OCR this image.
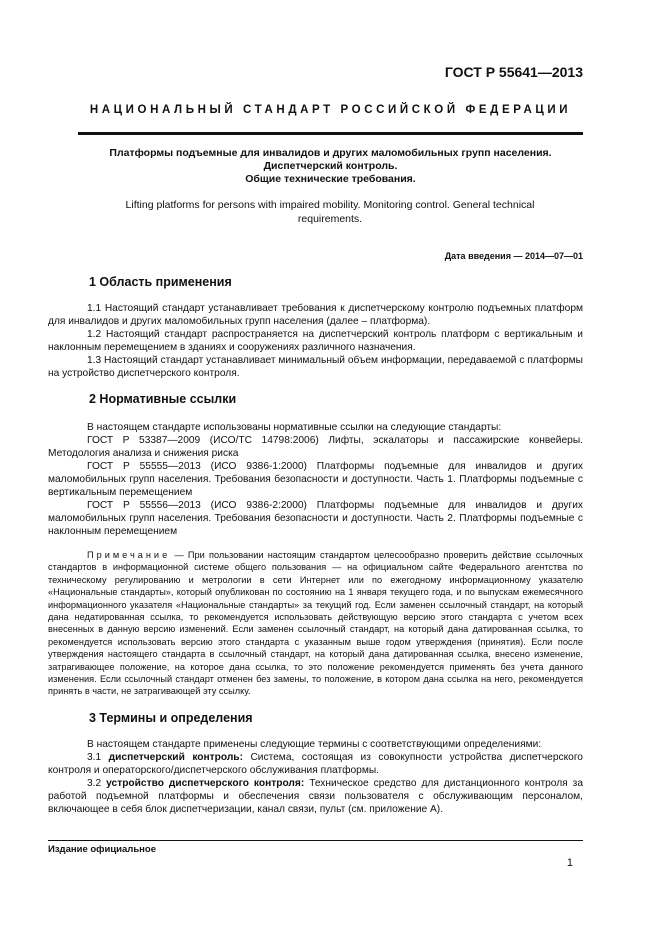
ГОСТ Р 55641—2013
НАЦИОНАЛЬНЫЙ СТАНДАРТ РОССИЙСКОЙ ФЕДЕРАЦИИ
Платформы подъемные для инвалидов и других маломобильных групп населения.
Диспетчерский контроль.
Общие технические требования.
Lifting platforms for persons with impaired mobility. Monitoring control. General technical requirements.
Дата введения — 2014—07—01
1 Область применения

1.1 Настоящий стандарт устанавливает требования к диспетчерскому контролю подъемных платформ для инвалидов и других маломобильных групп населения (далее – платформа).

1.2 Настоящий стандарт распространяется на диспетчерский контроль платформ с вертикальным и наклонным перемещением в зданиях и сооружениях различного назначения.

1.3 Настоящий стандарт устанавливает минимальный объем информации, передаваемой с платформы на устройство диспетчерского контроля.

2 Нормативные ссылки

В настоящем стандарте использованы нормативные ссылки на следующие стандарты:

ГОСТ Р 53387—2009 (ИСО/ТС 14798:2006) Лифты, эскалаторы и пассажирские конвейеры. Методология анализа и снижения риска

ГОСТ Р 55555—2013 (ИСО 9386-1:2000) Платформы подъемные для инвалидов и других маломобильных групп населения. Требования безопасности и доступности. Часть 1. Платформы подъемные с вертикальным перемещением

ГОСТ Р 55556—2013 (ИСО 9386-2:2000) Платформы подъемные для инвалидов и других маломобильных групп населения. Требования безопасности и доступности. Часть 2. Платформы подъемные с наклонным перемещением

Примечание — При пользовании настоящим стандартом целесообразно проверить действие ссылочных стандартов в информационной системе общего пользования — на официальном сайте Федерального агентства по техническому регулированию и метрологии в сети Интернет или по ежегодному информационному указателю «Национальные стандарты», который опубликован по состоянию на 1 января текущего года, и по выпускам ежемесячного информационного указателя «Национальные стандарты» за текущий год. Если заменен ссылочный стандарт, на который дана недатированная ссылка, то рекомендуется использовать действующую версию этого стандарта с учетом всех внесенных в данную версию изменений. Если заменен ссылочный стандарт, на который дана датированная ссылка, то рекомендуется использовать версию этого стандарта с указанным выше годом утверждения (принятия). Если после утверждения настоящего стандарта в ссылочный стандарт, на который дана датированная ссылка, внесено изменение, затрагивающее положение, на которое дана ссылка, то это положение рекомендуется применять без учета данного изменения. Если ссылочный стандарт отменен без замены, то положение, в котором дана ссылка на него, рекомендуется принять в части, не затрагивающей эту ссылку.
3 Термины и определения

В настоящем стандарте применены следующие термины с соответствующими определениями:

3.1 диспетчерский контроль: Система, состоящая из совокупности устройства диспетчерского контроля и операторского/диспетчерского обслуживания платформы.

3.2 устройство диспетчерского контроля: Техническое средство для дистанционного контроля за работой подъемной платформы и обеспечения связи пользователя с обслуживающим персоналом, включающее в себя блок диспетчеризации, канал связи, пульт (см. приложение А).

Издание официальное
1
